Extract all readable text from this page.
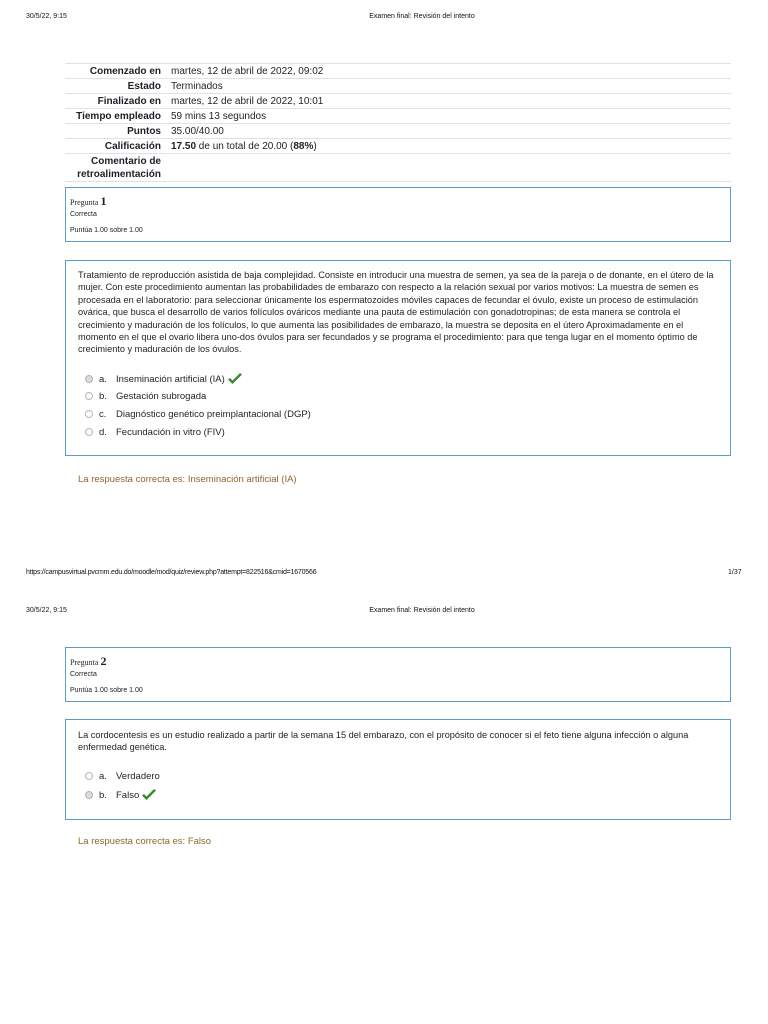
30/5/22, 9:15	Examen final: Revisión del intento
Comenzado en	martes, 12 de abril de 2022, 09:02
Estado	Terminados
Finalizado en	martes, 12 de abril de 2022, 10:01
Tiempo empleado	59 mins 13 segundos
Puntos	35.00/40.00
Calificación	17.50 de un total de 20.00 (88%)
Comentario de retroalimentación
Pregunta 1
Correcta
Puntúa 1.00 sobre 1.00
Tratamiento de reproducción asistida de baja complejidad. Consiste en introducir una muestra de semen, ya sea de la pareja o de donante, en el útero de la mujer. Con este procedimiento aumentan las probabilidades de embarazo con respecto a la relación sexual por varios motivos: La muestra de semen es procesada en el laboratorio: para seleccionar únicamente los espermatozoides móviles capaces de fecundar el óvulo, existe un proceso de estimulación ovárica, que busca el desarrollo de varios folículos ováricos mediante una pauta de estimulación con gonadotropinas; de esta manera se controla el crecimiento y maduración de los folículos, lo que aumenta las posibilidades de embarazo, la muestra se deposita en el útero Aproximadamente en el momento en el que el ovario libera uno-dos óvulos para ser fecundados y se programa el procedimiento: para que tenga lugar en el momento óptimo de crecimiento y maduración de los óvulos.
a. Inseminación artificial (IA)
b. Gestación subrogada
c.	Diagnóstico genético preimplantacional (DGP)
d. Fecundación in vitro (FIV)
La respuesta correcta es: Inseminación artificial (IA)
https://campusvirtual.pvcmm.edu.do/moodle/mod/quiz/review.php?attempt=822516&cmid=1670566	1/37
30/5/22, 9:15	Examen final: Revisión del intento
Pregunta 2
Correcta
Puntúa 1.00 sobre 1.00
La cordocentesis es un estudio realizado a partir de la semana 15 del embarazo, con el propósito de conocer si el feto tiene alguna infección o alguna enfermedad genética.
a. Verdadero
b. Falso
La respuesta correcta es: Falso
